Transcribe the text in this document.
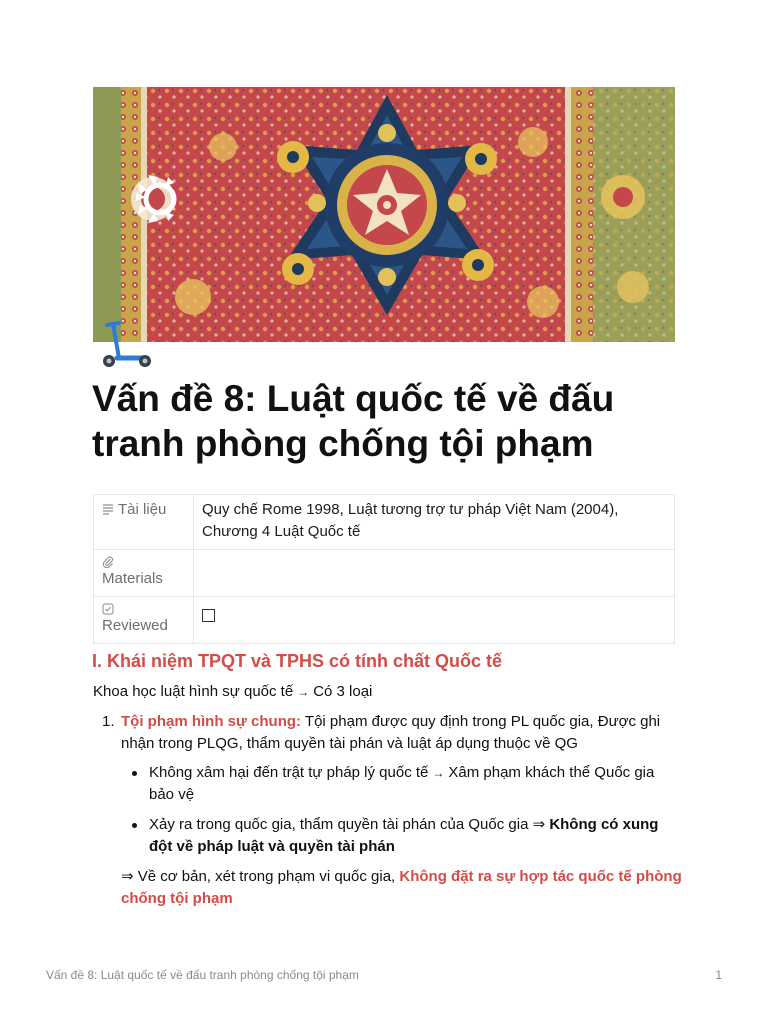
Vấn đề 8: Luật quốc tế về đấu tranh phòng chống tội phạm
Tài liệu	Quy chế Rome 1998, Luật tương trợ tư pháp Việt Nam (2004), Chương 4 Luật Quốc tế

Materials	

Reviewed	
I. Khái niệm TPQT và TPHS có tính chất Quốc tế

Khoa học luật hình sự quốc tế → Có 3 loại

1. Tội phạm hình sự chung: Tội phạm được quy định trong PL quốc gia, Được ghi nhận trong PLQG, thẩm quyền tài phán và luật áp dụng thuộc về QG
Không xâm hại đến trật tự pháp lý quốc tế → Xâm phạm khách thể Quốc gia bảo vệ
Xảy ra trong quốc gia, thẩm quyền tài phán của Quốc gia ⇒ Không có xung đột về pháp luật và quyền tài phán
⇒ Về cơ bản, xét trong phạm vi quốc gia, Không đặt ra sự hợp tác quốc tế phòng chống tội phạm
Vấn đề 8: Luật quốc tế về đấu tranh phòng chống tội phạm	1
